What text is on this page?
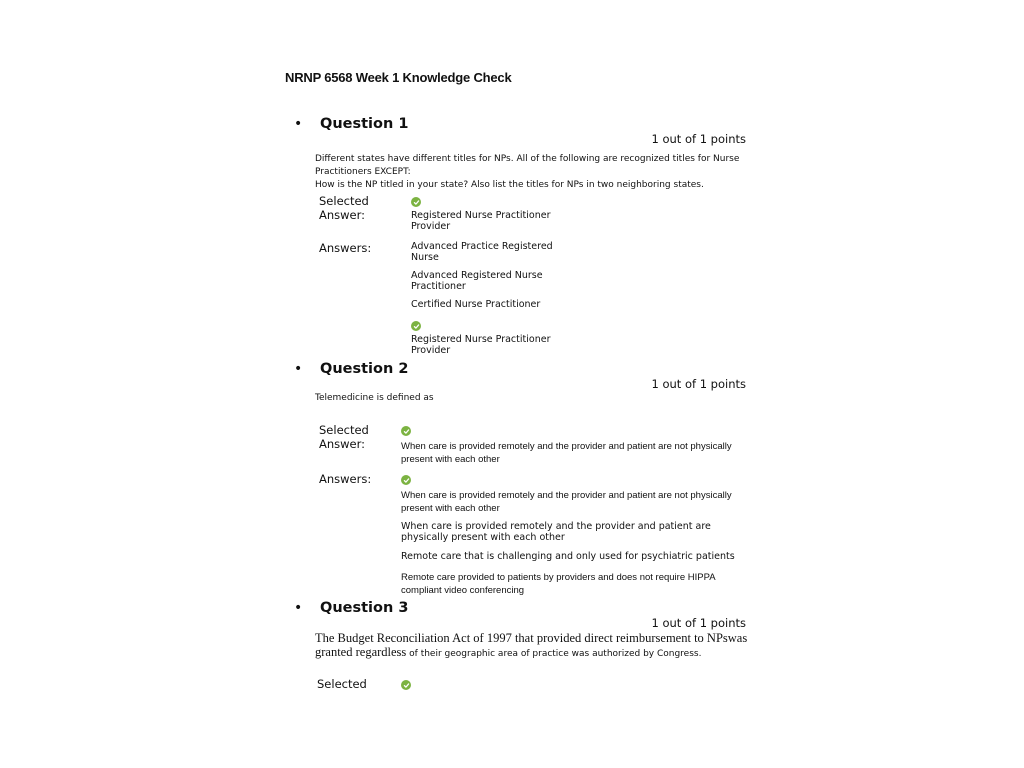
NRNP 6568 Week 1 Knowledge Check
• Question 1
1 out of 1 points
Different states have different titles for NPs. All of the following are recognized titles for Nurse
Practitioners EXCEPT:
How is the NP titled in your state? Also list the titles for NPs in two neighboring states.
Selected
Answer:	Registered Nurse Practitioner Provider
Answers:	Advanced Practice Registered Nurse
Advanced Registered Nurse Practitioner
Certified Nurse Practitioner
Registered Nurse Practitioner Provider
• Question 2
1 out of 1 points
Telemedicine is defined as
Selected
Answer:	When care is provided remotely and the provider and patient are not physically present with each other
Answers:
When care is provided remotely and the provider and patient are not physically present with each other
When care is provided remotely and the provider and patient are physically present with each other
Remote care that is challenging and only used for psychiatric patients
Remote care provided to patients by providers and does not require HIPPA compliant video conferencing
• Question 3
1 out of 1 points
The Budget Reconciliation Act of 1997 that provided direct reimbursement to NPswas granted regardless of their geographic area of practice was authorized by Congress.
Selected
